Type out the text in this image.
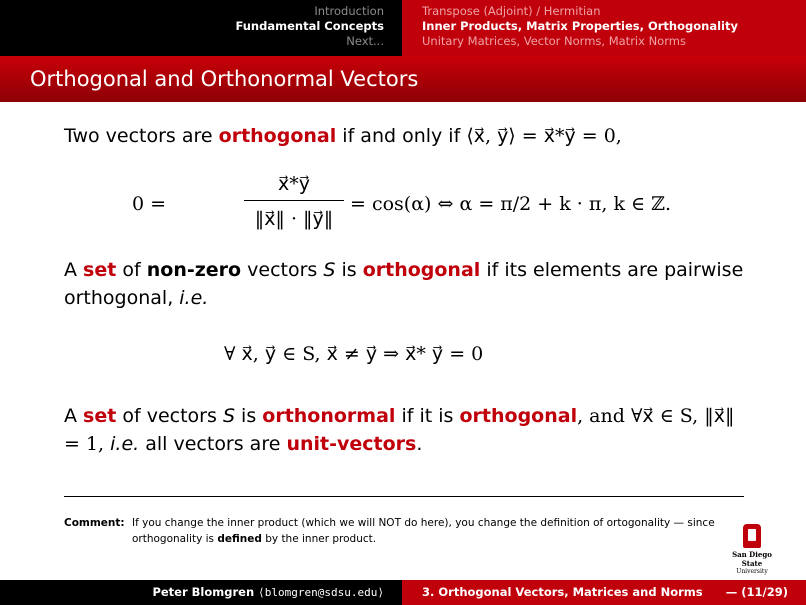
Introduction
Fundamental Concepts
Next...
Transpose (Adjoint) / Hermitian
Inner Products, Matrix Properties, Orthogonality
Unitary Matrices, Vector Norms, Matrix Norms
Orthogonal and Orthonormal Vectors
Two vectors are orthogonal if and only if ⟨x⃗, y⃗⟩ = x⃗*y⃗ = 0,
0 =
x⃗*y⃗
‖x⃗‖ · ‖y⃗‖
= cos(α) ⇔ α = π/2 + k · π, k ∈ ℤ.
A set of non-zero vectors S is orthogonal if its elements are pairwise orthogonal, i.e.
∀ x⃗, y⃗ ∈ S, x⃗ ≠ y⃗ ⇒ x⃗* y⃗ = 0
A set of vectors S is orthonormal if it is orthogonal, and ∀x⃗ ∈ S, ‖x⃗‖ = 1, i.e. all vectors are unit-vectors.
Comment: If you change the inner product (which we will NOT do here), you change the definition of ortogonality — since orthogonality is defined by the inner product.
San Diego State
University
Peter Blomgren ⟨blomgren@sdsu.edu⟩	3. Orthogonal Vectors, Matrices and Norms — (11/29)
